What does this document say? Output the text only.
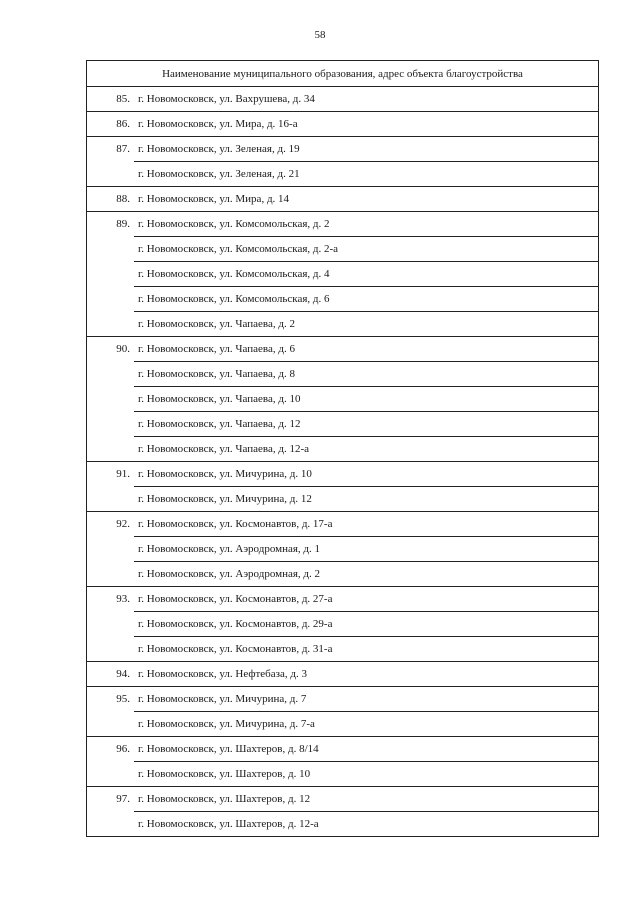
58
Наименование муниципального образования, адрес объекта благоустройства	
85.	г. Новомосковск, ул. Вахрушева, д. 34
86.	г. Новомосковск, ул. Мира, д. 16-а
87.	г. Новомосковск, ул. Зеленая, д. 19
	г. Новомосковск, ул. Зеленая, д. 21
88.	г. Новомосковск, ул. Мира, д. 14
89.	г. Новомосковск, ул. Комсомольская, д. 2
	г. Новомосковск, ул. Комсомольская, д. 2-а
	г. Новомосковск, ул. Комсомольская, д. 4
	г. Новомосковск, ул. Комсомольская, д. 6
	г. Новомосковск, ул. Чапаева, д. 2
90.	г. Новомосковск, ул. Чапаева, д. 6
	г. Новомосковск, ул. Чапаева, д. 8
	г. Новомосковск, ул. Чапаева, д. 10
	г. Новомосковск, ул. Чапаева, д. 12
	г. Новомосковск, ул. Чапаева, д. 12-а
91.	г. Новомосковск, ул. Мичурина, д. 10
	г. Новомосковск, ул. Мичурина, д. 12
92.	г. Новомосковск, ул. Космонавтов, д. 17-а
	г. Новомосковск, ул. Аэродромная, д. 1
	г. Новомосковск, ул. Аэродромная, д. 2
93.	г. Новомосковск, ул. Космонавтов, д. 27-а
	г. Новомосковск, ул. Космонавтов, д. 29-а
	г. Новомосковск, ул. Космонавтов, д. 31-а
94.	г. Новомосковск, ул. Нефтебаза, д. 3
95.	г. Новомосковск, ул. Мичурина, д. 7
	г. Новомосковск, ул. Мичурина, д. 7-а
96.	г. Новомосковск, ул. Шахтеров, д. 8/14
	г. Новомосковск, ул. Шахтеров, д. 10
97.	г. Новомосковск, ул. Шахтеров, д. 12
	г. Новомосковск, ул. Шахтеров, д. 12-а
